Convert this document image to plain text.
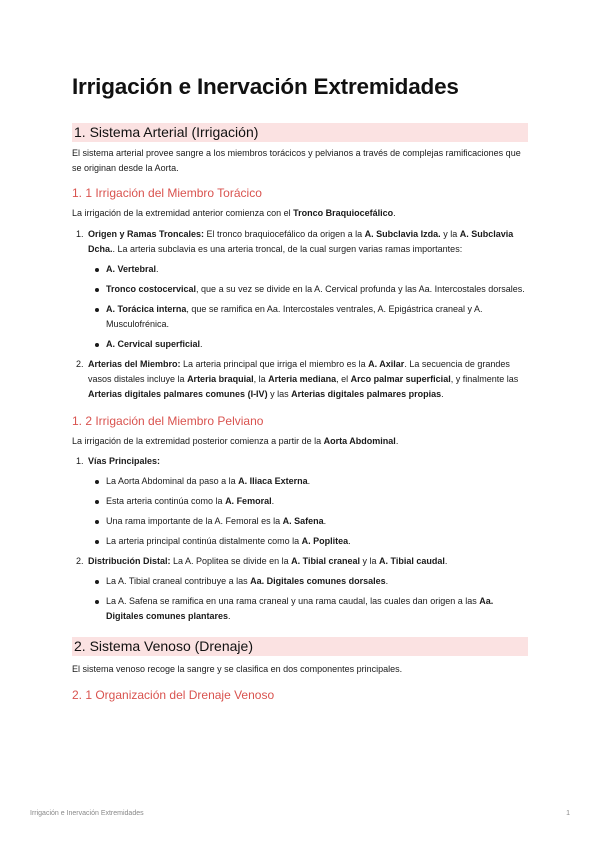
Irrigación e Inervación Extremidades
1. Sistema Arterial (Irrigación)

El sistema arterial provee sangre a los miembros torácicos y pelvianos a través de complejas ramificaciones que se originan desde la Aorta.

1. 1 Irrigación del Miembro Torácico

La irrigación de la extremidad anterior comienza con el Tronco Braquiocefálico.

1. Origen y Ramas Troncales: El tronco braquiocefálico da origen a la A. Subclavia Izda. y la A. Subclavia Dcha.. La arteria subclavia es una arteria troncal, de la cual surgen varias ramas importantes:
A. Vertebral.
Tronco costocervical, que a su vez se divide en la A. Cervical profunda y las Aa. Intercostales dorsales.
A. Torácica interna, que se ramifica en Aa. Intercostales ventrales, A. Epigástrica craneal y A. Musculofrénica.
A. Cervical superficial.
2. Arterias del Miembro: La arteria principal que irriga el miembro es la A. Axilar. La secuencia de grandes vasos distales incluye la Arteria braquial, la Arteria mediana, el Arco palmar superficial, y finalmente las Arterias digitales palmares comunes (I-IV) y las Arterias digitales palmares propias.
1. 2 Irrigación del Miembro Pelviano

La irrigación de la extremidad posterior comienza a partir de la Aorta Abdominal.

1. Vías Principales:
La Aorta Abdominal da paso a la A. Iliaca Externa.
Esta arteria continúa como la A. Femoral.
Una rama importante de la A. Femoral es la A. Safena.
La arteria principal continúa distalmente como la A. Poplitea.
2. Distribución Distal: La A. Poplitea se divide en la A. Tibial craneal y la A. Tibial caudal.
La A. Tibial craneal contribuye a las Aa. Digitales comunes dorsales.
La A. Safena se ramifica en una rama craneal y una rama caudal, las cuales dan origen a las Aa. Digitales comunes plantares.
2. Sistema Venoso (Drenaje)

El sistema venoso recoge la sangre y se clasifica en dos componentes principales.

2. 1 Organización del Drenaje Venoso
Irrigación e Inervación Extremidades	1
